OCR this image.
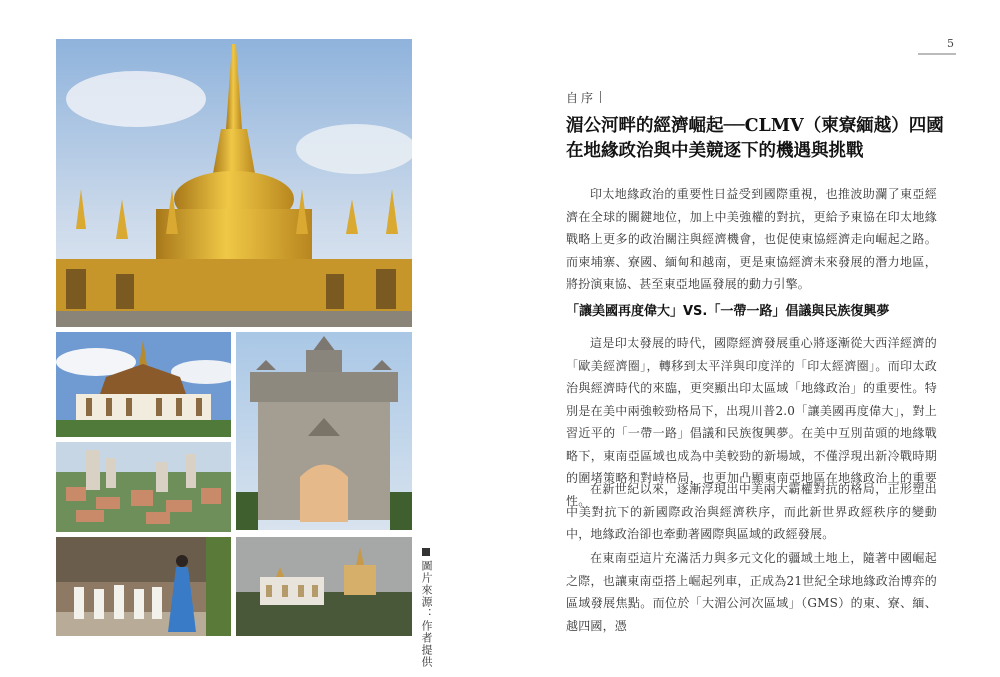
圖片來源：作者提供
5
自序
湄公河畔的經濟崛起──CLMV（柬寮緬越）四國在地緣政治與中美競逐下的機遇與挑戰

印太地緣政治的重要性日益受到國際重視，也推波助瀾了東亞經濟在全球的關鍵地位，加上中美強權的對抗，更給予東協在印太地緣戰略上更多的政治關注與經濟機會，也促使東協經濟走向崛起之路。而柬埔寨、寮國、緬甸和越南，更是東協經濟未來發展的潛力地區，將扮演東協、甚至東亞地區發展的動力引擎。

「讓美國再度偉大」VS.「一帶一路」倡議與民族復興夢

這是印太發展的時代，國際經濟發展重心將逐漸從大西洋經濟的「歐美經濟圈」，轉移到太平洋與印度洋的「印太經濟圈」。而印太政治與經濟時代的來臨，更突顯出印太區域「地緣政治」的重要性。特別是在美中兩強較勁格局下，出現川普2.0「讓美國再度偉大」，對上習近平的「一帶一路」倡議和民族復興夢。在美中互別苗頭的地緣戰略下，東南亞區域也成為中美較勁的新場域，不僅浮現出新冷戰時期的圍堵策略和對峙格局，也更加凸顯東南亞地區在地緣政治上的重要性。

在新世紀以來，逐漸浮現出中美兩大霸權對抗的格局，正形塑出中美對抗下的新國際政治與經濟秩序，而此新世界政經秩序的變動中，地緣政治卻也牽動著國際與區域的政經發展。

在東南亞這片充滿活力與多元文化的疆域土地上，隨著中國崛起之際，也讓東南亞搭上崛起列車，正成為21世紀全球地緣政治博弈的區域發展焦點。而位於「大湄公河次區域」（GMS）的東、寮、緬、越四國，憑
